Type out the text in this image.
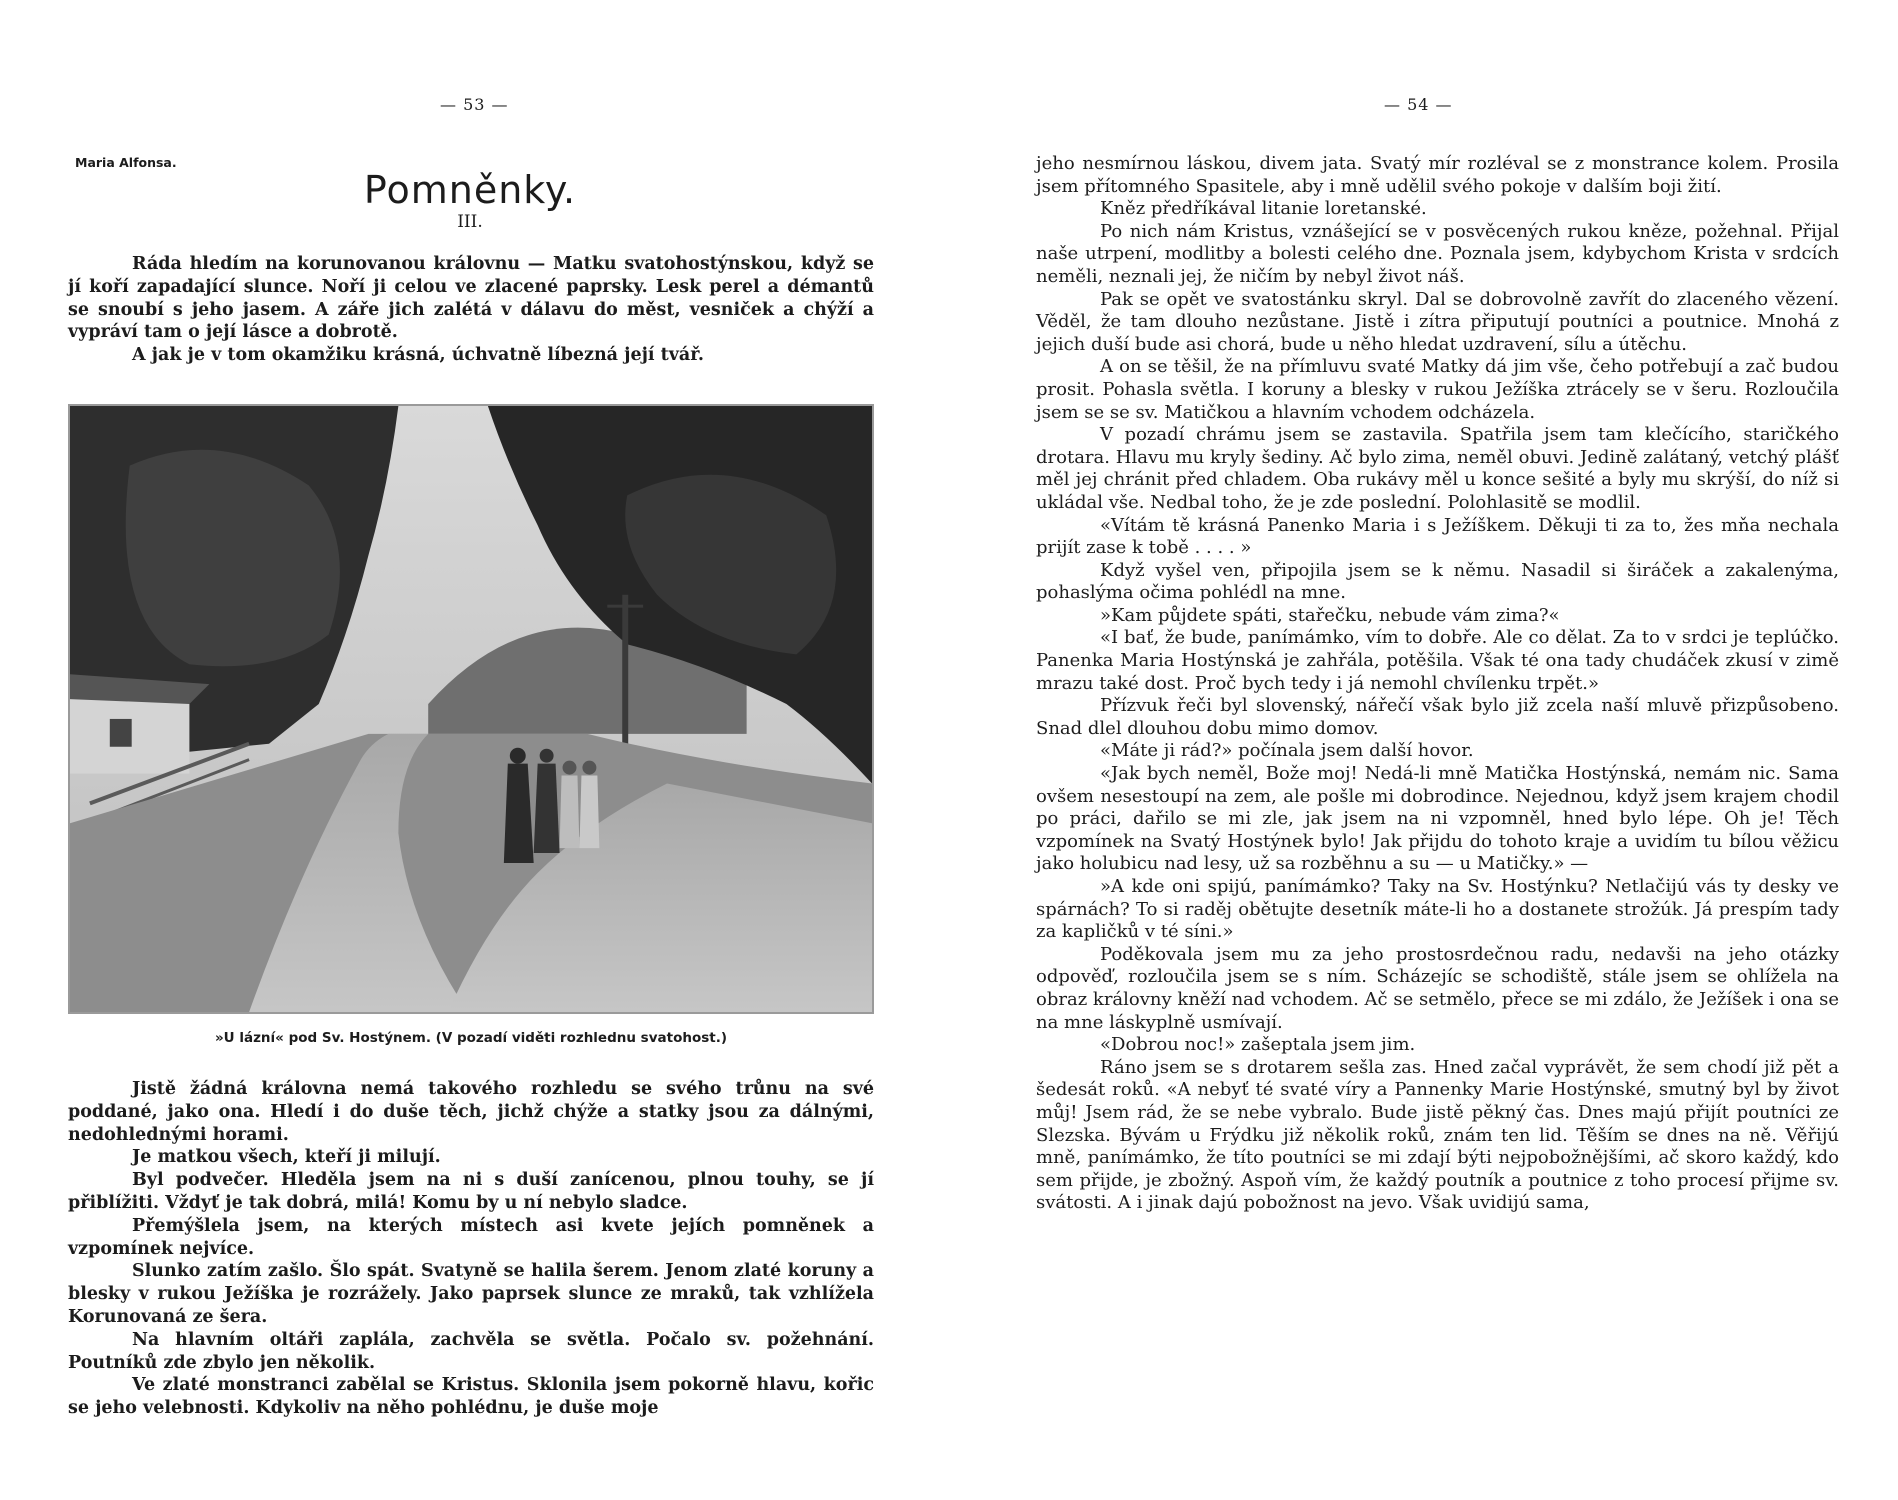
— 53 —
Maria Alfonsa.
Pomněnky.
III.

Ráda hledím na korunovanou královnu — Matku svatohostýnskou, když se jí koří zapadající slunce. Noří ji celou ve zlacené paprsky. Lesk perel a démantů se snoubí s jeho jasem. A záře jich zalétá v dálavu do měst, vesniček a chýží a vypráví tam o její lásce a dobrotě.

A jak je v tom okamžiku krásná, úchvatně líbezná její tvář.

»U lázní« pod Sv. Hostýnem. (V pozadí viděti rozhlednu svatohost.)

Jistě žádná královna nemá takového rozhledu se svého trůnu na své poddané, jako ona. Hledí i do duše těch, jichž chýže a statky jsou za dálnými, nedohlednými horami.

Je matkou všech, kteří ji milují.

Byl podvečer. Hleděla jsem na ni s duší zanícenou, plnou touhy, se jí přiblížiti. Vždyť je tak dobrá, milá! Komu by u ní nebylo sladce.

Přemýšlela jsem, na kterých místech asi kvete jejích pomněnek a vzpomínek nejvíce.

Slunko zatím zašlo. Šlo spát. Svatyně se halila šerem. Jenom zlaté koruny a blesky v rukou Ježíška je rozrážely. Jako paprsek slunce ze mraků, tak vzhlížela Korunovaná ze šera.

Na hlavním oltáři zaplála, zachvěla se světla. Počalo sv. požehnání. Poutníků zde zbylo jen několik.

Ve zlaté monstranci zabělal se Kristus. Sklonila jsem pokorně hlavu, kořic se jeho velebnosti. Kdykoliv na něho pohlédnu, je duše moje

— 54 —

jeho nesmírnou láskou, divem jata. Svatý mír rozléval se z monstrance kolem. Prosila jsem přítomného Spasitele, aby i mně udělil svého pokoje v dalším boji žití.

Kněz předříkával litanie loretanské.

Po nich nám Kristus, vznášející se v posvěcených rukou kněze, požehnal. Přijal naše utrpení, modlitby a bolesti celého dne. Poznala jsem, kdybychom Krista v srdcích neměli, neznali jej, že ničím by nebyl život náš.

Pak se opět ve svatostánku skryl. Dal se dobrovolně zavřít do zlaceného vězení. Věděl, že tam dlouho nezůstane. Jistě i zítra připutují poutníci a poutnice. Mnohá z jejich duší bude asi chorá, bude u něho hledat uzdravení, sílu a útěchu.

A on se těšil, že na přímluvu svaté Matky dá jim vše, čeho potřebují a zač budou prosit. Pohasla světla. I koruny a blesky v rukou Ježíška ztrácely se v šeru. Rozloučila jsem se se sv. Matičkou a hlavním vchodem odcházela.

V pozadí chrámu jsem se zastavila. Spatřila jsem tam klečícího, staričkého drotara. Hlavu mu kryly šediny. Ač bylo zima, neměl obuvi. Jedině zalátaný, vetchý plášť měl jej chránit před chladem. Oba rukávy měl u konce sešité a byly mu skrýší, do níž si ukládal vše. Nedbal toho, že je zde poslední. Polohlasitě se modlil.

«Vítám tě krásná Panenko Maria i s Ježíškem. Děkuji ti za to, žes mňa nechala prijít zase k tobě . . . . »

Když vyšel ven, připojila jsem se k němu. Nasadil si širáček a zakalenýma, pohaslýma očima pohlédl na mne.

»Kam půjdete spáti, stařečku, nebude vám zima?«

«I bať, že bude, panímámko, vím to dobře. Ale co dělat. Za to v srdci je teplúčko. Panenka Maria Hostýnská je zahřála, potěšila. Však té ona tady chudáček zkusí v zimě mrazu také dost. Proč bych tedy i já nemohl chvílenku trpět.»

Přízvuk řeči byl slovenský, nářečí však bylo již zcela naší mluvě přizpůsobeno. Snad dlel dlouhou dobu mimo domov.

«Máte ji rád?» počínala jsem další hovor.

«Jak bych neměl, Bože moj! Nedá-li mně Matička Hostýnská, nemám nic. Sama ovšem nesestoupí na zem, ale pošle mi dobrodince. Nejednou, když jsem krajem chodil po práci, dařilo se mi zle, jak jsem na ni vzpomněl, hned bylo lépe. Oh je! Těch vzpomínek na Svatý Hostýnek bylo! Jak přijdu do tohoto kraje a uvidím tu bílou věžicu jako holubicu nad lesy, už sa rozběhnu a su — u Matičky.» —

»A kde oni spijú, panímámko? Taky na Sv. Hostýnku? Netlačijú vás ty desky ve spárnách? To si raděj obětujte desetník máte-li ho a dostanete strožúk. Já prespím tady za kapličků v té síni.»

Poděkovala jsem mu za jeho prostosrdečnou radu, nedavši na jeho otázky odpověď, rozloučila jsem se s ním. Scházejíc se schodiště, stále jsem se ohlížela na obraz královny kněží nad vchodem. Ač se setmělo, přece se mi zdálo, že Ježíšek i ona se na mne láskyplně usmívají.

«Dobrou noc!» zašeptala jsem jim.

Ráno jsem se s drotarem sešla zas. Hned začal vyprávět, že sem chodí již pět a šedesát roků. «A nebyť té svaté víry a Pannenky Marie Hostýnské, smutný byl by život můj! Jsem rád, že se nebe vybralo. Bude jistě pěkný čas. Dnes majú přijít poutníci ze Slezska. Bývám u Frýdku již několik roků, znám ten lid. Těším se dnes na ně. Věřijú mně, panímámko, že títo poutníci se mi zdají býti nejpobožnějšími, ač skoro každý, kdo sem přijde, je zbožný. Aspoň vím, že každý poutník a poutnice z toho procesí přijme sv. svátosti. A i jinak dajú pobožnost na jevo. Však uvidijú sama,
